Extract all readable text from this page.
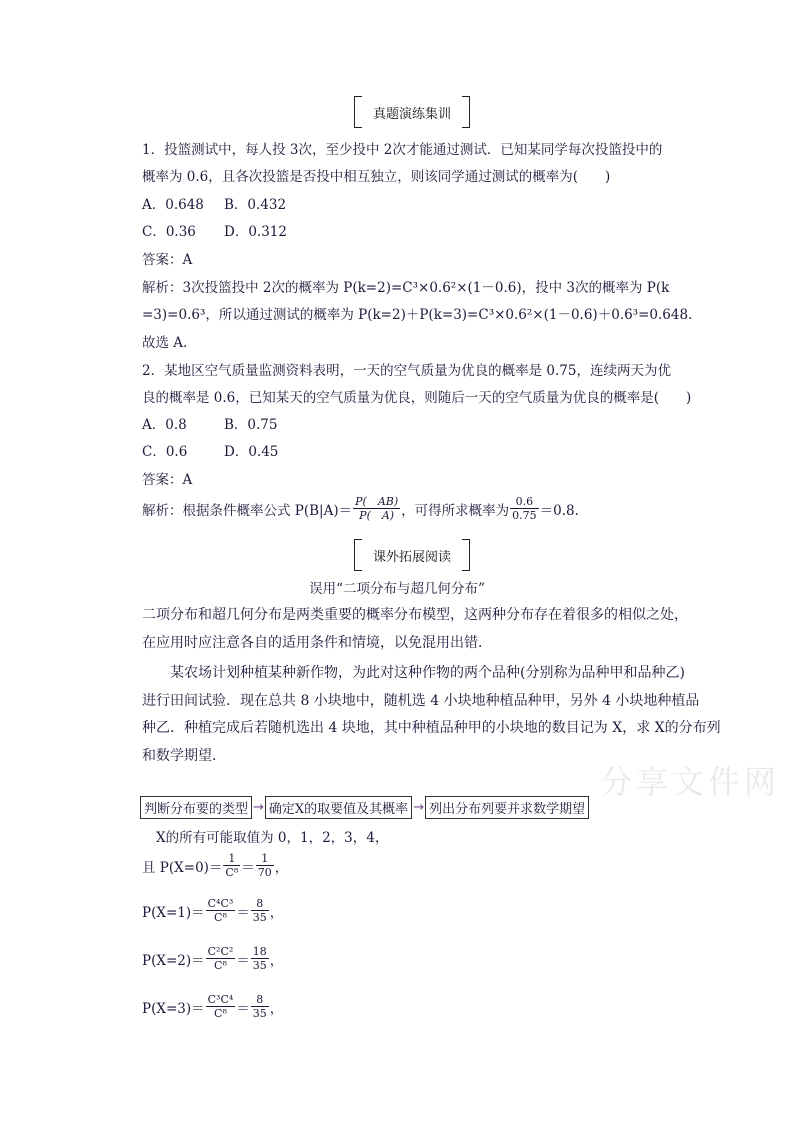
真题演练集训
1．投篮测试中，每人投 3次，至少投中 2次才能通过测试．已知某同学每次投篮投中的
概率为 0.6，且各次投篮是否投中相互独立，则该同学通过测试的概率为(　　)
A．0.648 B．0.432
C．0.36 D．0.312
答案：A
解析：3次投篮投中 2次的概率为 P(k=2)=C³×0.6²×(1－0.6)，投中 3次的概率为 P(k
=3)=0.6³，所以通过测试的概率为 P(k=2)＋P(k=3)=C³×0.6²×(1－0.6)＋0.6³=0.648.
故选 A.
2．某地区空气质量监测资料表明，一天的空气质量为优良的概率是 0.75，连续两天为优
良的概率是 0.6，已知某天的空气质量为优良，则随后一天的空气质量为优良的概率是(　　)
A．0.8	B．0.75
C．0.6	D．0.45
答案：A
解析：根据条件概率公式 $P(B|A)= \frac{P( AB)}{P( A)}$ ，可得所求概率为 $\frac{0.6}{0.75} =0.8$.
课外拓展阅读
误用“二项分布与超几何分布”
二项分布和超几何分布是两类重要的概率分布模型，这两种分布存在着很多的相似之处，
在应用时应注意各自的适用条件和情境，以免混用出错．
某农场计划种植某种新作物，为此对这种作物的两个品种(分别称为品种甲和品种乙)
进行田间试验．现在总共 8 小块地中，随机选 4 小块地种植品种甲，另外 4 小块地种植品
种乙．种植完成后若随机选出 4 块地，其中种植品种甲的小块地的数目记为 X，求 X的分布列
和数学期望．
分享文件网
判断分布要的类型 → 确定X的取要值及其概率 → 列出分布列要并求数学期望
X的所有可能取值为 0，1，2，3，4，
且 $P(X=0)= \frac{1}{\text{C⁸}} = \frac{1}{70}$ ，
$P(X=1)= \frac{\text{C⁴C³}}{\text{C⁸}} = \frac{8}{35}$ ，
$P(X=2)= \frac{\text{C²C²}}{\text{C⁸}} = \frac{18}{35}$ ，
$P(X=3)= \frac{\text{C³C⁴}}{\text{C⁸}} = \frac{8}{35}$ ，
